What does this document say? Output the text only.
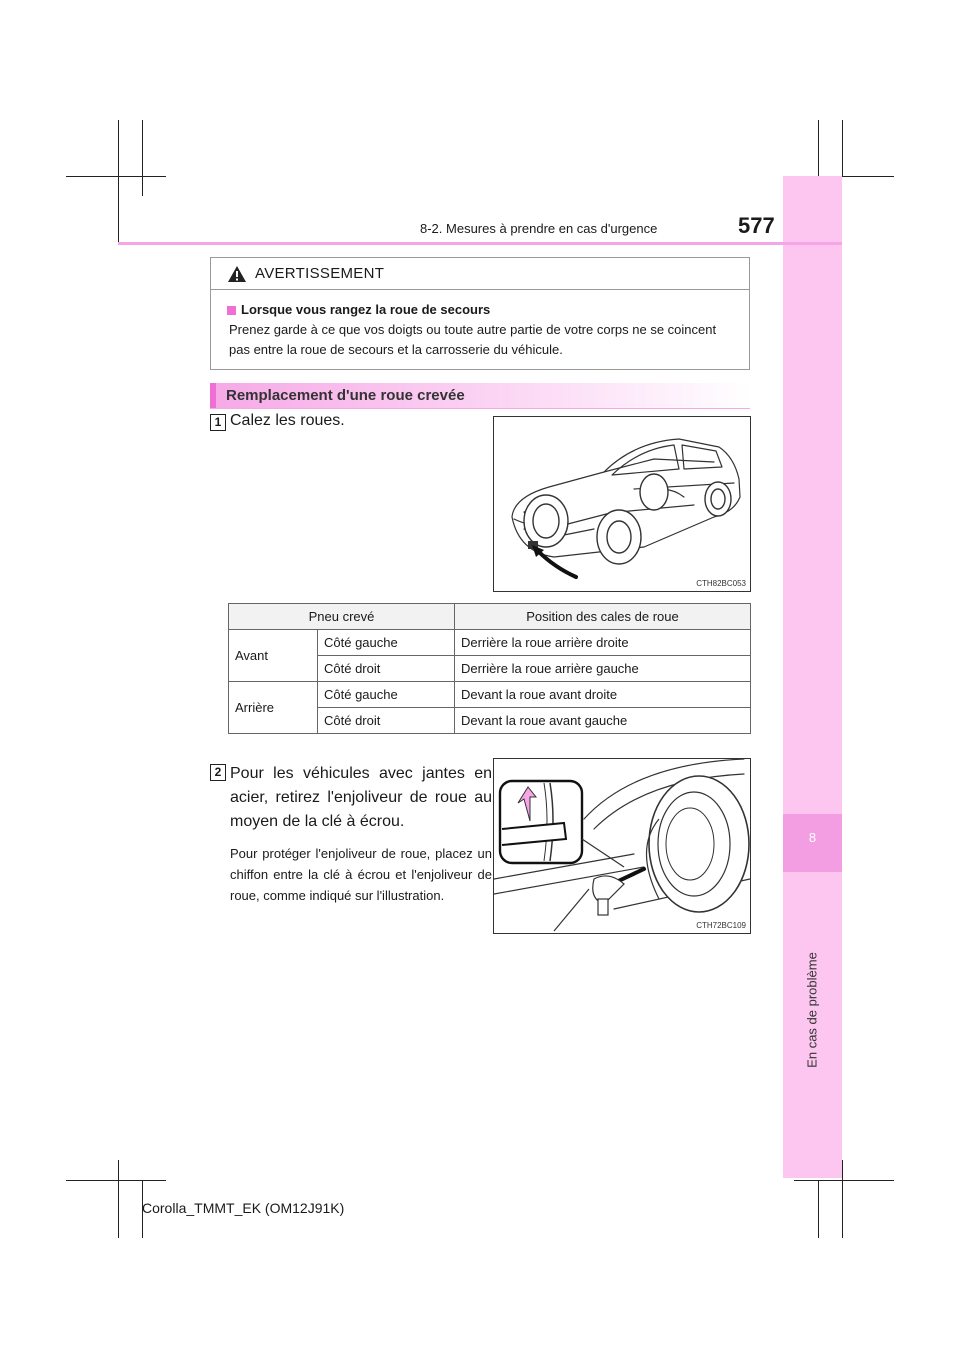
8
En cas de problème
8-2. Mesures à prendre en cas d'urgence	577
AVERTISSEMENT
Lorsque vous rangez la roue de secours
Prenez garde à ce que vos doigts ou toute autre partie de votre corps ne se coincent pas entre la roue de secours et la carrosserie du véhicule.
Remplacement d'une roue crevée
1 Calez les roues.
CTH82BC053
Pneu crevé		Position des cales de roue
Avant	Côté gauche	Derrière la roue arrière droite
	Côté droit	Derrière la roue arrière gauche
Arrière	Côté gauche	Devant la roue avant droite
	Côté droit	Devant la roue avant gauche
2 Pour les véhicules avec jantes en acier, retirez l'enjoliveur de roue au moyen de la clé à écrou.
Pour protéger l'enjoliveur de roue, placez un chiffon entre la clé à écrou et l'enjoliveur de roue, comme indiqué sur l'illustration.
CTH72BC109
Corolla_TMMT_EK (OM12J91K)
